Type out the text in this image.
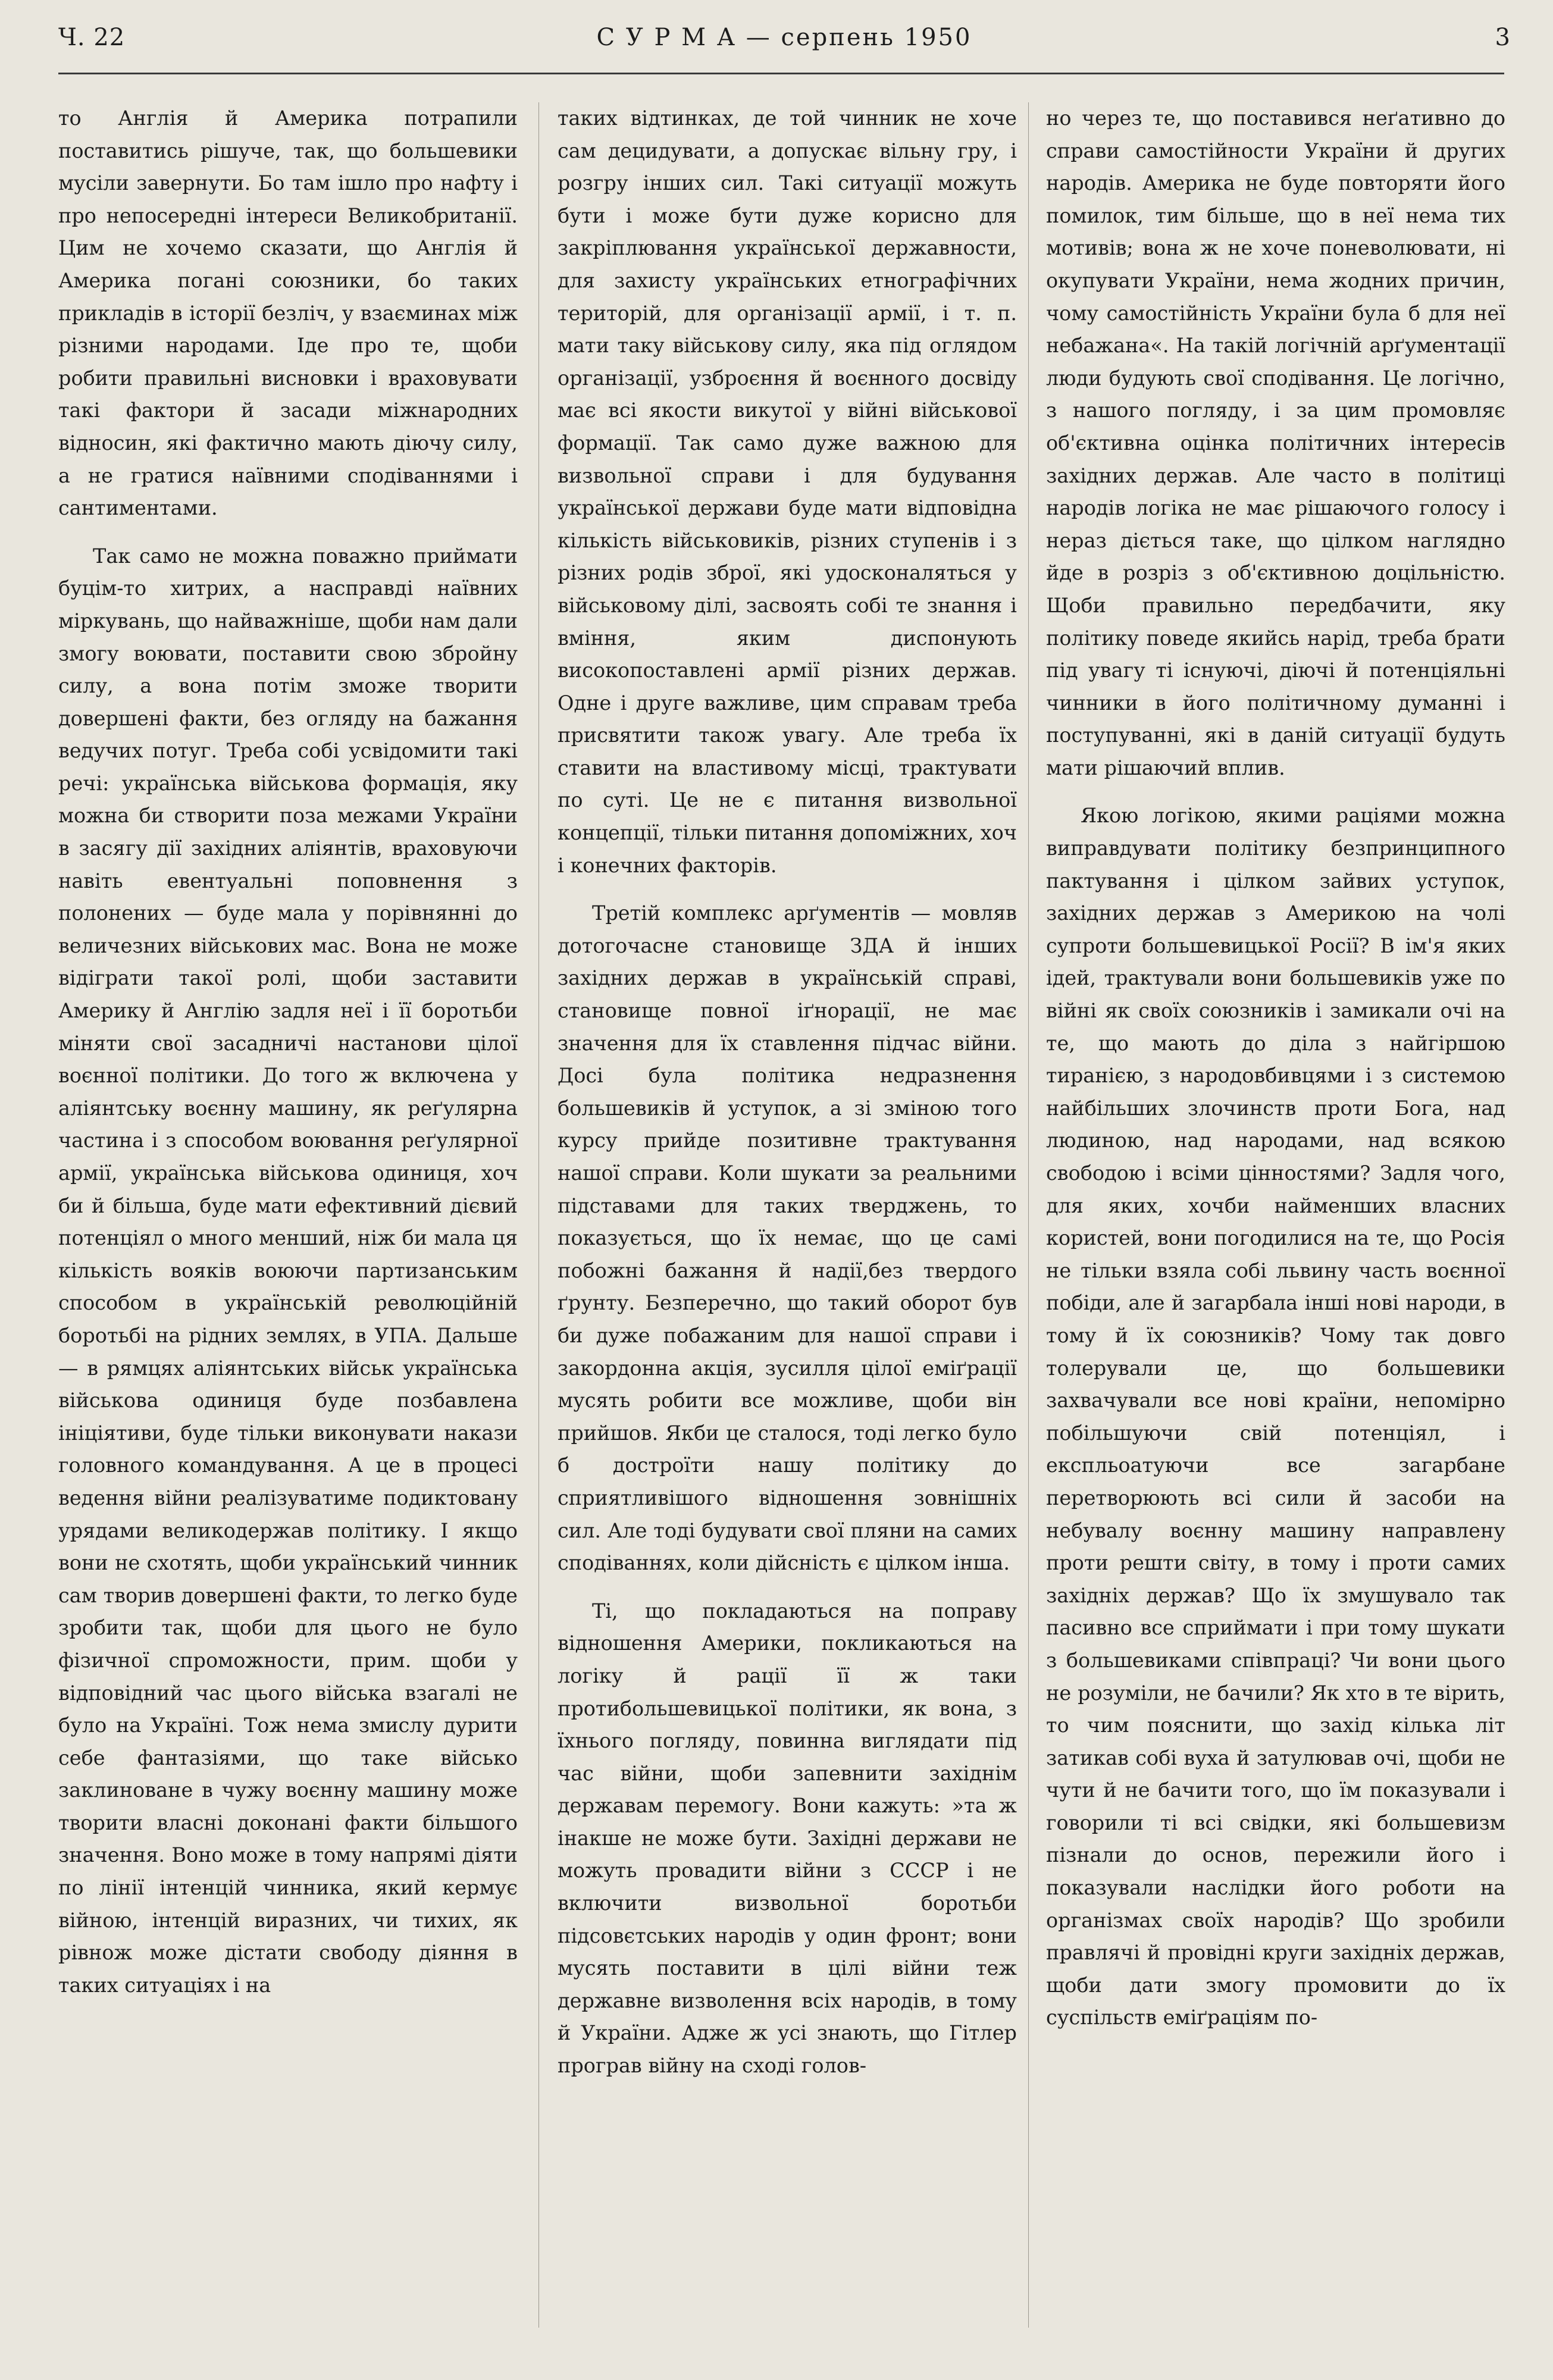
Ч. 22	С У Р М А — серпень 1950	3

то Англія й Америка потрапили поставитись рішуче, так, що большевики мусіли завернути. Бо там ішло про нафту і про непосередні інтереси Великобританії. Цим не хочемо сказати, що Англія й Америка погані союзники, бо таких прикладів в історії безліч, у взаєминах між різними народами. Іде про те, щоби робити правильні висновки і враховувати такі фактори й засади міжнародних відносин, які фактично мають діючу силу, а не гратися наївними сподіваннями і сантиментами.

Так само не можна поважно приймати буцім-то хитрих, а насправді наївних міркувань, що найважніше, щоби нам дали змогу воювати, поставити свою збройну силу, а вона потім зможе творити довершені факти, без огляду на бажання ведучих потуг. Треба собі усвідомити такі речі: українська військова формація, яку можна би створити поза межами України в засягу дії західних аліянтів, враховуючи навіть евентуальні поповнення з полонених — буде мала у порівнянні до величезних військових мас. Вона не може відіграти такої ролі, щоби заставити Америку й Англію задля неї і її боротьби міняти свої засадничі настанови цілої воєнної політики. До того ж включена у аліянтську воєнну машину, як реґулярна частина і з способом воювання реґулярної армії, українська військова одиниця, хоч би й більша, буде мати ефективний дієвий потенціял о много менший, ніж би мала ця кількість вояків воюючи партизанським способом в українській революційній боротьбі на рідних землях, в УПА. Дальше — в рямцях аліянтських військ українська військова одиниця буде позбавлена ініціятиви, буде тільки виконувати накази головного командування. А це в процесі ведення війни реалізуватиме подиктовану урядами великодержав політику. І якщо вони не схотять, щоби український чинник сам творив довершені факти, то легко буде зробити так, щоби для цього не було фізичної спроможности, прим. щоби у відповідний час цього війська взагалі не було на Україні. Тож нема змислу дурити себе фантазіями, що таке військо заклиноване в чужу воєнну машину може творити власні доконані факти більшого значення. Воно може в тому напрямі діяти по лінії інтенцій чинника, який кермує війною, інтенцій виразних, чи тихих, як рівнож може дістати свободу діяння в таких ситуаціях і на

таких відтинках, де той чинник не хоче сам децидувати, а допускає вільну гру, і розгру інших сил. Такі ситуації можуть бути і може бути дуже корисно для закріплювання української державности, для захисту українських етнографічних територій, для організації армії, і т. п. мати таку військову силу, яка під оглядом організації, узброєння й воєнного досвіду має всі якости викутої у війні військової формації. Так само дуже важною для визвольної справи і для будування української держави буде мати відповідна кількість військовиків, різних ступенів і з різних родів зброї, які удосконаляться у військовому ділі, засвоять собі те знання і вміння, яким диспонують високопоставлені армії різних держав. Одне і друге важливе, цим справам треба присвятити також увагу. Але треба їх ставити на властивому місці, трактувати по суті. Це не є питання визвольної концепції, тільки питання допоміжних, хоч і конечних факторів.

Третій комплекс арґументів — мовляв дотогочасне становище ЗДА й інших західних держав в українській справі, становище повної іґнорації, не має значення для їх ставлення підчас війни. Досі була політика недразнення большевиків й уступок, а зі зміною того курсу прийде позитивне трактування нашої справи. Коли шукати за реальними підставами для таких тверджень, то показується, що їх немає, що це самі побожні бажання й надії,без твердого ґрунту. Безперечно, що такий оборот був би дуже побажаним для нашої справи і закордонна акція, зусилля цілої еміґрації мусять робити все можливе, щоби він прийшов. Якби це сталося, тоді легко було б достроїти нашу політику до сприятливішого відношення зовнішніх сил. Але тоді будувати свої пляни на самих сподіваннях, коли дійсність є цілком інша.

Ті, що покладаються на поправу відношення Америки, покликаються на логіку й рації її ж таки протибольшевицької політики, як вона, з їхнього погляду, повинна виглядати під час війни, щоби запевнити західнім державам перемогу. Вони кажуть: »та ж інакше не може бути. Західні держави не можуть провадити війни з СССР і не включити визвольної боротьби підсовєтських народів у один фронт; вони мусять поставити в цілі війни теж державне визволення всіх народів, в тому й України. Адже ж усі знають, що Гітлер програв війну на сході голов-

но через те, що поставився неґативно до справи самостійности України й других народів. Америка не буде повторяти його помилок, тим більше, що в неї нема тих мотивів; вона ж не хоче поневолювати, ні окупувати України, нема жодних причин, чому самостійність України була б для неї небажана«. На такій логічній арґументації люди будують свої сподівання. Це логічно, з нашого погляду, і за цим промовляє об'єктивна оцінка політичних інтересів західних держав. Але часто в політиці народів логіка не має рішаючого голосу і нераз діється таке, що цілком наглядно йде в розріз з об'єктивною доцільністю. Щоби правильно передбачити, яку політику поведе якийсь нарід, треба брати під увагу ті існуючі, діючі й потенціяльні чинники в його політичному думанні і поступуванні, які в даній ситуації будуть мати рішаючий вплив.

Якою логікою, якими раціями можна виправдувати політику безпринципного пактування і цілком зайвих уступок, західних держав з Америкою на чолі супроти большевицької Росії? В ім'я яких ідей, трактували вони большевиків уже по війні як своїх союзників і замикали очі на те, що мають до діла з найгіршою тиранією, з народовбивцями і з системою найбільших злочинств проти Бога, над людиною, над народами, над всякою свободою і всіми цінностями? Задля чого, для яких, хочби найменших власних користей, вони погодилися на те, що Росія не тільки взяла собі львину часть воєнної побіди, але й загарбала інші нові народи, в тому й їх союзників? Чому так довго толерували це, що большевики захвачували все нові країни, непомірно побільшуючи свій потенціял, і експльоатуючи все загарбане перетворюють всі сили й засоби на небувалу воєнну машину направлену проти решти світу, в тому і проти самих західніх держав? Що їх змушувало так пасивно все сприймати і при тому шукати з большевиками співпраці? Чи вони цього не розуміли, не бачили? Як хто в те вірить, то чим пояснити, що захід кілька літ затикав собі вуха й затулював очі, щоби не чути й не бачити того, що їм показували і говорили ті всі свідки, які большевизм пізнали до основ, пережили його і показували наслідки його роботи на організмах своїх народів? Що зробили правлячі й провідні круги західніх держав, щоби дати змогу промовити до їх суспільств еміґраціям по-
